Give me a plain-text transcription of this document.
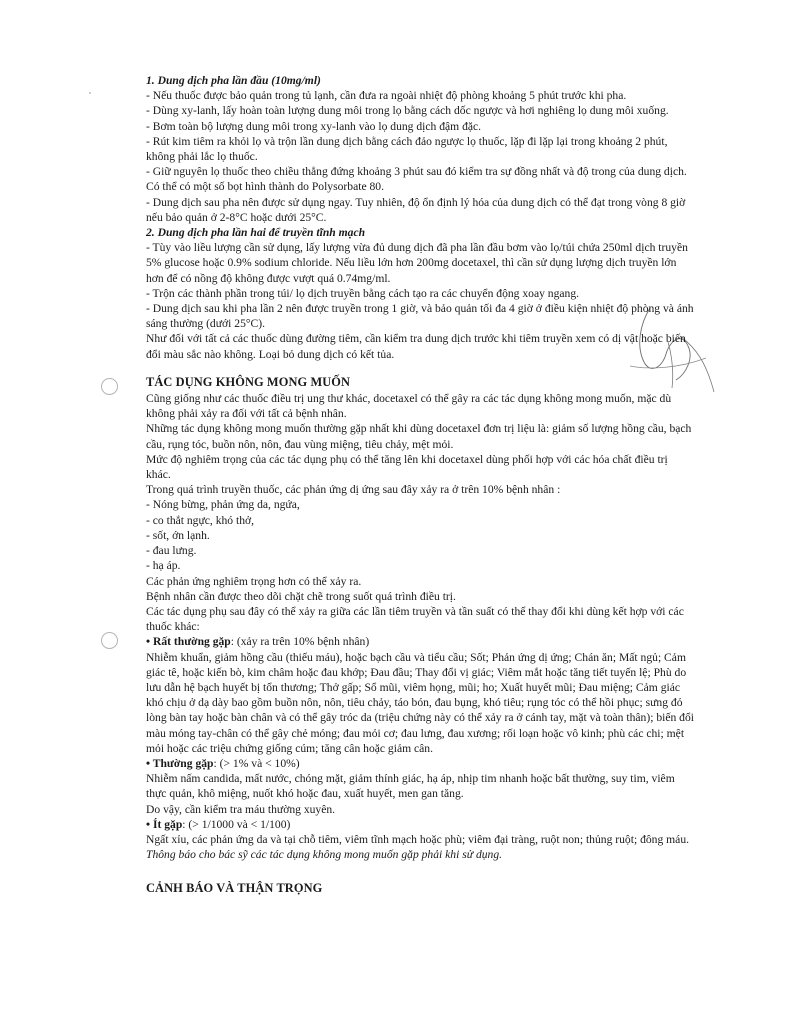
1. Dung dịch pha lần đầu (10mg/ml)

- Nếu thuốc được bảo quản trong tủ lạnh, cần đưa ra ngoài nhiệt độ phòng khoảng 5 phút trước khi pha.

- Dùng xy-lanh, lấy hoàn toàn lượng dung môi trong lọ bằng cách dốc ngược và hơi nghiêng lọ dung môi xuống.

- Bơm toàn bộ lượng dung môi trong xy-lanh vào lọ dung dịch đậm đặc.

- Rút kim tiêm ra khỏi lọ và trộn lần dung dịch bằng cách đảo ngược lọ thuốc, lặp đi lặp lại trong khoảng 2 phút, không phải lắc lọ thuốc.

- Giữ nguyên lọ thuốc theo chiều thẳng đứng khoảng 3 phút sau đó kiểm tra sự đồng nhất và độ trong của dung dịch. Có thể có một số bọt hình thành do Polysorbate 80.

- Dung dịch sau pha nên được sử dụng ngay. Tuy nhiên, độ ổn định lý hóa của dung dịch có thể đạt trong vòng 8 giờ nếu bảo quản ở 2-8°C hoặc dưới 25°C.

2. Dung dịch pha lần hai để truyền tĩnh mạch

- Tùy vào liều lượng cần sử dụng, lấy lượng vừa đủ dung dịch đã pha lần đầu bơm vào lọ/túi chứa 250ml dịch truyền 5% glucose hoặc 0.9% sodium chloride. Nếu liều lớn hơn 200mg docetaxel, thì cần sử dụng lượng dịch truyền lớn hơn để có nồng độ không được vượt quá 0.74mg/ml.

- Trộn các thành phần trong túi/ lọ dịch truyền bằng cách tạo ra các chuyển động xoay ngang.

- Dung dịch sau khi pha lần 2 nên được truyền trong 1 giờ, và bảo quản tối đa 4 giờ ở điều kiện nhiệt độ phòng và ánh sáng thường (dưới 25°C).

Như đối với tất cả các thuốc dùng đường tiêm, cần kiểm tra dung dịch trước khi tiêm truyền xem có dị vật hoặc biến đổi màu sắc nào không. Loại bỏ dung dịch có kết tủa.

TÁC DỤNG KHÔNG MONG MUỐN

Cũng giống như các thuốc điều trị ung thư khác, docetaxel có thể gây ra các tác dụng không mong muốn, mặc dù không phải xảy ra đối với tất cả bệnh nhân.

Những tác dụng không mong muốn thường gặp nhất khi dùng docetaxel đơn trị liệu là: giảm số lượng hồng cầu, bạch cầu, rụng tóc, buồn nôn, nôn, đau vùng miệng, tiêu chảy, mệt mỏi.

Mức độ nghiêm trọng của các tác dụng phụ có thể tăng lên khi docetaxel dùng phối hợp với các hóa chất điều trị khác.

Trong quá trình truyền thuốc, các phản ứng dị ứng sau đây xảy ra ở trên 10% bệnh nhân :

- Nóng bừng, phản ứng da, ngứa,

- co thắt ngực, khó thở,

- sốt, ớn lạnh.

- đau lưng.

- hạ áp.

Các phản ứng nghiêm trọng hơn có thể xảy ra.

Bệnh nhân cần được theo dõi chặt chẽ trong suốt quá trình điều trị.

Các tác dụng phụ sau đây có thể xảy ra giữa các lần tiêm truyền và tần suất có thể thay đổi khi dùng kết hợp với các thuốc khác:

• Rất thường gặp: (xảy ra trên 10% bệnh nhân)

Nhiễm khuẩn, giảm hồng cầu (thiếu máu), hoặc bạch cầu và tiểu cầu; Sốt; Phản ứng dị ứng; Chán ăn; Mất ngủ; Cảm giác tê, hoặc kiến bò, kim châm hoặc đau khớp; Đau đầu; Thay đổi vị giác; Viêm mắt hoặc tăng tiết tuyến lệ; Phù do lưu dẫn hệ bạch huyết bị tổn thương; Thở gấp; Sổ mũi, viêm họng, mũi; ho; Xuất huyết mũi; Đau miệng; Cảm giác khó chịu ở dạ dày bao gồm buồn nôn, nôn, tiêu chảy, táo bón, đau bụng, khó tiêu; rụng tóc có thể hồi phục; sưng đỏ lòng bàn tay hoặc bàn chân và có thể gây tróc da (triệu chứng này có thể xảy ra ở cánh tay, mặt và toàn thân); biến đổi màu móng tay-chân có thể gây chẻ móng; đau mỏi cơ; đau lưng, đau xương; rối loạn hoặc vô kinh; phù các chi; mệt mỏi hoặc các triệu chứng giống cúm; tăng cân hoặc giảm cân.

• Thường gặp: (> 1% và < 10%)

Nhiễm nấm candida, mất nước, chóng mặt, giảm thính giác, hạ áp, nhịp tim nhanh hoặc bất thường, suy tim, viêm thực quản, khô miệng, nuốt khó hoặc đau, xuất huyết, men gan tăng.

Do vậy, cần kiểm tra máu thường xuyên.

• Ít gặp: (> 1/1000 và < 1/100)

Ngất xỉu, các phản ứng da và tại chỗ tiêm, viêm tĩnh mạch hoặc phù; viêm đại tràng, ruột non; thủng ruột; đông máu.

Thông báo cho bác sỹ các tác dụng không mong muốn gặp phải khi sử dụng.

CẢNH BÁO VÀ THẬN TRỌNG
